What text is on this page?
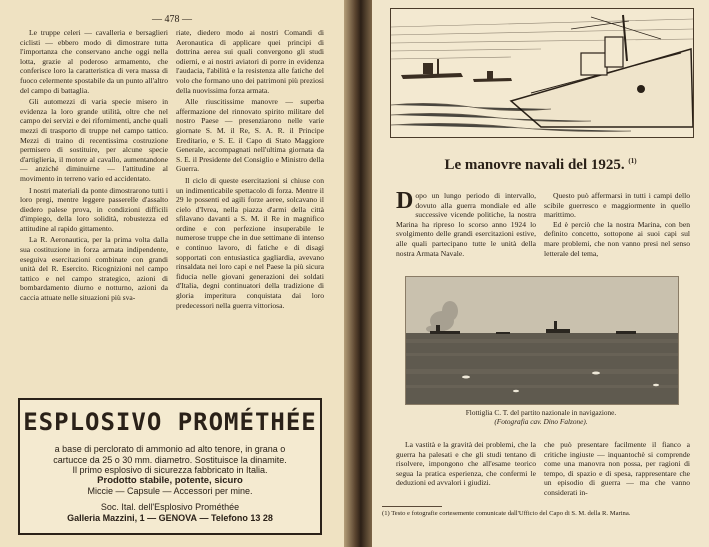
— 478 —

Le truppe celeri — cavalleria e bersaglieri ciclisti — ebbero modo di dimostrare tutta l'importanza che conservano anche oggi nella lotta, grazie al poderoso armamento, che conferisce loro la caratteristica di vera massa di fuoco celermente spostabile da un punto all'altro del campo di battaglia.

Gli automezzi di varia specie misero in evidenza la loro grande utilità, oltre che nel campo dei servizi e dei rifornimenti, anche quali mezzi di trasporto di truppe nel campo tattico. Mezzi di traino di recentissima costruzione permisero di sostituire, per alcune specie d'artiglieria, il motore al cavallo, aumentandone — anziché diminuirne — l'attitudine al movimento in terreno vario ed accidentato.

I nostri materiali da ponte dimostrarono tutti i loro pregi, mentre leggere passerelle d'assalto diedero palese prova, in condizioni difficili d'impiego, della loro solidità, robustezza ed attitudine al rapido gittamento.

La R. Aeronautica, per la prima volta dalla sua costituzione in forza armata indipendente, eseguiva esercitazioni combinate con grandi unità del R. Esercito. Ricognizioni nel campo tattico e nel campo strategico, azioni di bombardamento diurno e notturno, azioni da caccia attuate nelle situazioni più sva-

riate, diedero modo ai nostri Comandi di Aeronautica di applicare quei principi di dottrina aerea sui quali convergono gli studi odierni, e ai nostri aviatori di porre in evidenza l'audacia, l'abilità e la resistenza alle fatiche del volo che formano uno dei patrimoni più preziosi della nuovissima forza armata.

Alle riuscitissime manovre — superba affermazione del rinnovato spirito militare del nostro Paese — presenziarono nelle varie giornate S. M. il Re, S. A. R. il Principe Ereditario, e S. E. il Capo di Stato Maggiore Generale, accompagnati nell'ultima giornata da S. E. il Presidente del Consiglio e Ministro della Guerra.

Il ciclo di queste esercitazioni si chiuse con un indimenticabile spettacolo di forza. Mentre il 29 le possenti ed agili forze aeree, solcavano il cielo d'Ivrea, nella piazza d'armi della città sfilavano davanti a S. M. il Re in magnifico ordine e con perfezione insuperabile le numerose truppe che in due settimane di intenso e continuo lavoro, di fatiche e di disagi sopportati con entusiastica gagliardia, avevano rinsaldata nei loro capi e nel Paese la più sicura fiducia nelle giovani generazioni dei soldati d'Italia, degni continuatori della tradizione di gloria imperitura conquistata dai loro predecessori nella guerra vittoriosa.

ESPLOSIVO PROMÉTHÉE
a base di perclorato di ammonio ad alto tenore, in grana o
cartucce da 25 o 30 mm. diametro. Sostituisce la dinamite.
Il primo esplosivo di sicurezza fabbricato in Italia.
Prodotto stabile, potente, sicuro
Miccie — Capsule — Accessori per mine.
Soc. Ital. dell'Esplosivo Prométhée
Galleria Mazzini, 1 — GENOVA — Telefono 13 28
Le manovre navali del 1925. $^{(1)}$
D opo un lungo periodo di intervallo, dovuto alla guerra mondiale ed alle successive vicende politiche, la nostra Marina ha ripreso lo scorso anno 1924 lo svolgimento delle grandi esercitazioni estive, alle quali partecipano tutte le unità della nostra Armata Navale.
Questo può affermarsi in tutti i campi dello scibile guerresco e maggiormente in quello marittimo.
Ed è perciò che la nostra Marina, con ben definito concetto, sottopone ai suoi capi sul mare problemi, che non vanno presi nel senso letterale del tema,
Flottiglia C. T. del partito nazionale in navigazione.
(Fotografia cav. Dino Falzone).
La vastità e la gravità dei problemi, che la guerra ha palesati e che gli studi tentano di risolvere, impongono che all'esame teorico segua la pratica esperienza, che confermi le deduzioni ed avvalori i giudizi.
che può presentare facilmente il fianco a critiche ingiuste — inquantochè si comprende come una manovra non possa, per ragioni di tempo, di spazio e di spesa, rappresentare che un episodio di guerra — ma che vanno considerati in-
(1) Testo e fotografie cortesemente comunicate dall'Ufficio del Capo di S. M. della R. Marina.
